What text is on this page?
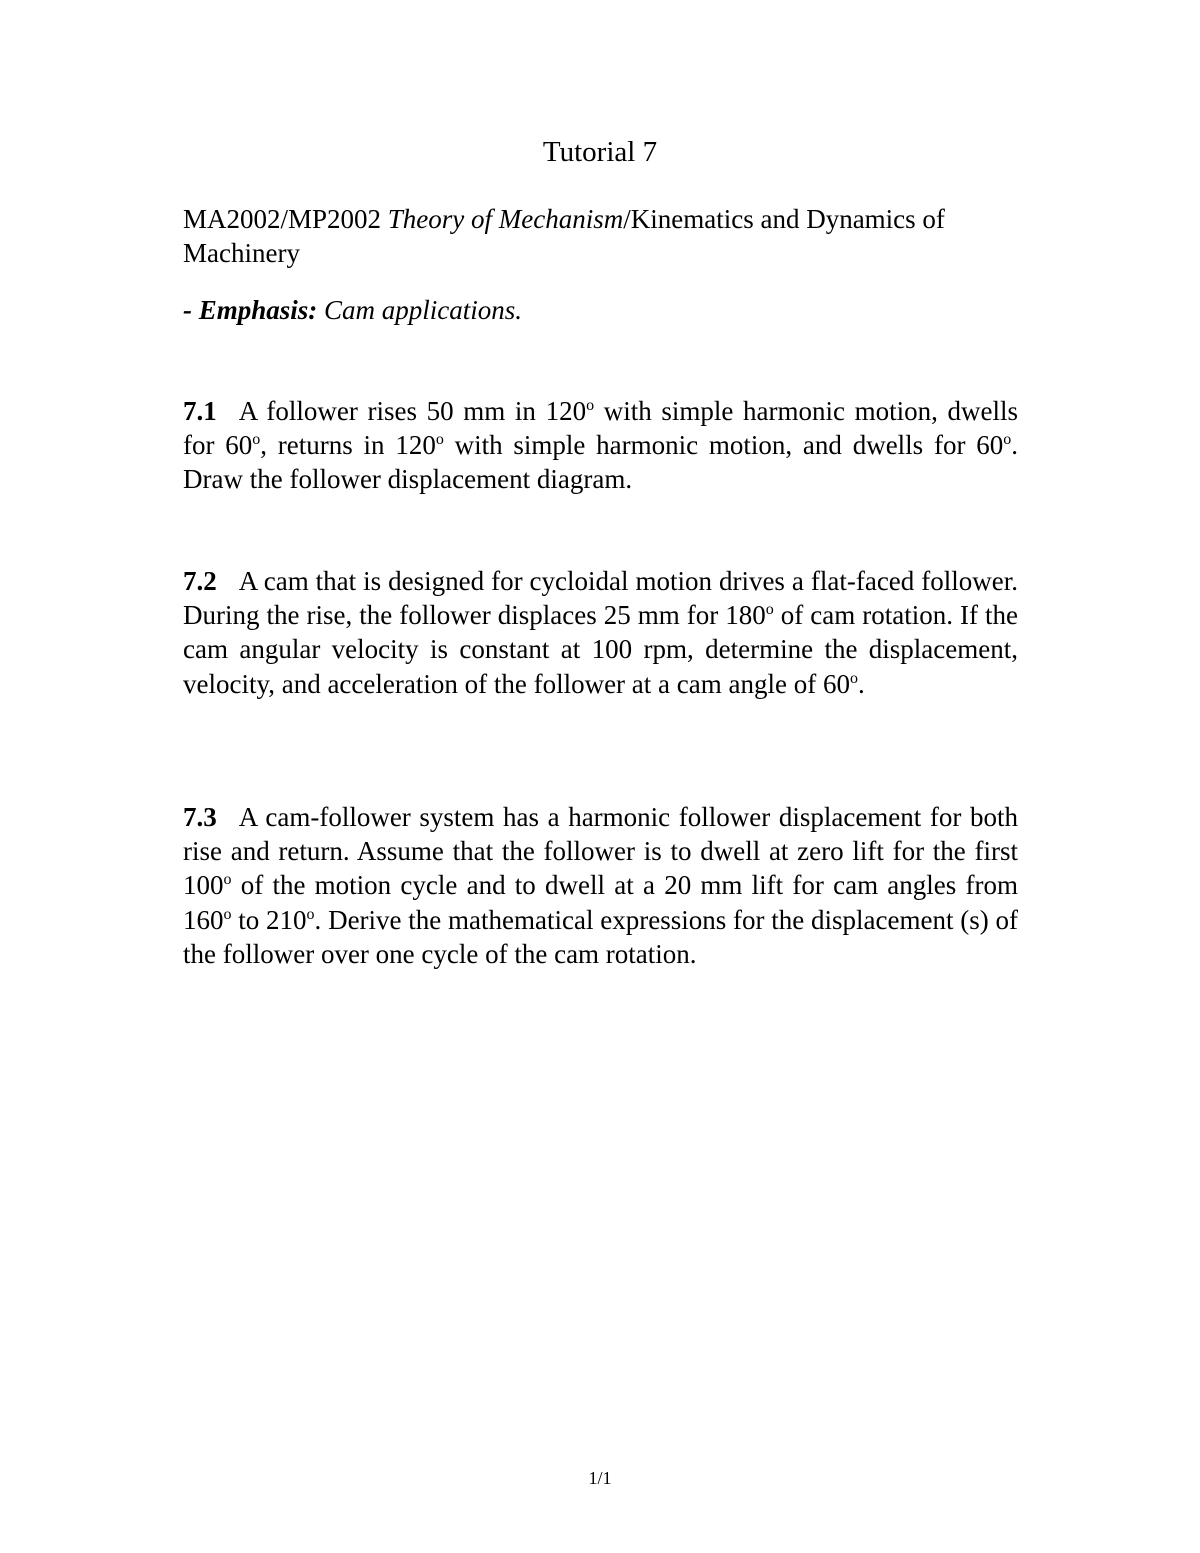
Tutorial 7
MA2002/MP2002 Theory of Mechanism/Kinematics and Dynamics of Machinery
- Emphasis: Cam applications.
7.1 A follower rises 50 mm in 120$^o$ with simple harmonic motion, dwells for 60$^o$, returns in 120$^o$ with simple harmonic motion, and dwells for 60$^o$. Draw the follower displacement diagram.
7.2 A cam that is designed for cycloidal motion drives a flat-faced follower. During the rise, the follower displaces 25 mm for 180$^o$ of cam rotation. If the cam angular velocity is constant at 100 rpm, determine the displacement, velocity, and acceleration of the follower at a cam angle of 60$^o$.
7.3 A cam-follower system has a harmonic follower displacement for both rise and return. Assume that the follower is to dwell at zero lift for the first 100$^o$ of the motion cycle and to dwell at a 20 mm lift for cam angles from 160$^o$ to 210$^o$. Derive the mathematical expressions for the displacement (s) of the follower over one cycle of the cam rotation.
1/1
